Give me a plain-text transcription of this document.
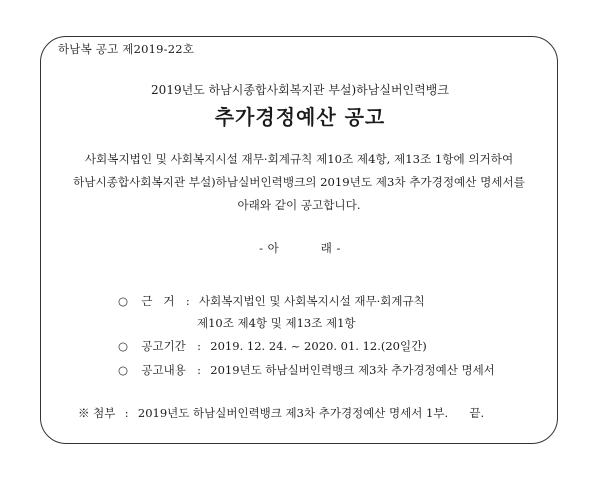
하남복 공고 제2019-22호
2019년도 하남시종합사회복지관 부설)하남실버인력뱅크
추가경정예산 공고
사회복지법인 및 사회복지시설 재무·회계규칙 제10조 제4항, 제13조 1항에 의거하여
하남시종합사회복지관 부설)하남실버인력뱅크의 2019년도 제3차 추가경정예산 명세서를
아래와 같이 공고합니다.
- 아          래 -
○ 근   거 : 사회복지법인 및 사회복지시설 재무·회계규칙
제10조 제4항 및 제13조 제1항
○ 공고기간 : 2019. 12. 24. ~ 2020. 01. 12.(20일간)
○ 공고내용 : 2019년도 하남실버인력뱅크 제3차 추가경정예산 명세서
※ 첨부 : 2019년도 하남실버인력뱅크 제3차 추가경정예산 명세서 1부. 끝.
